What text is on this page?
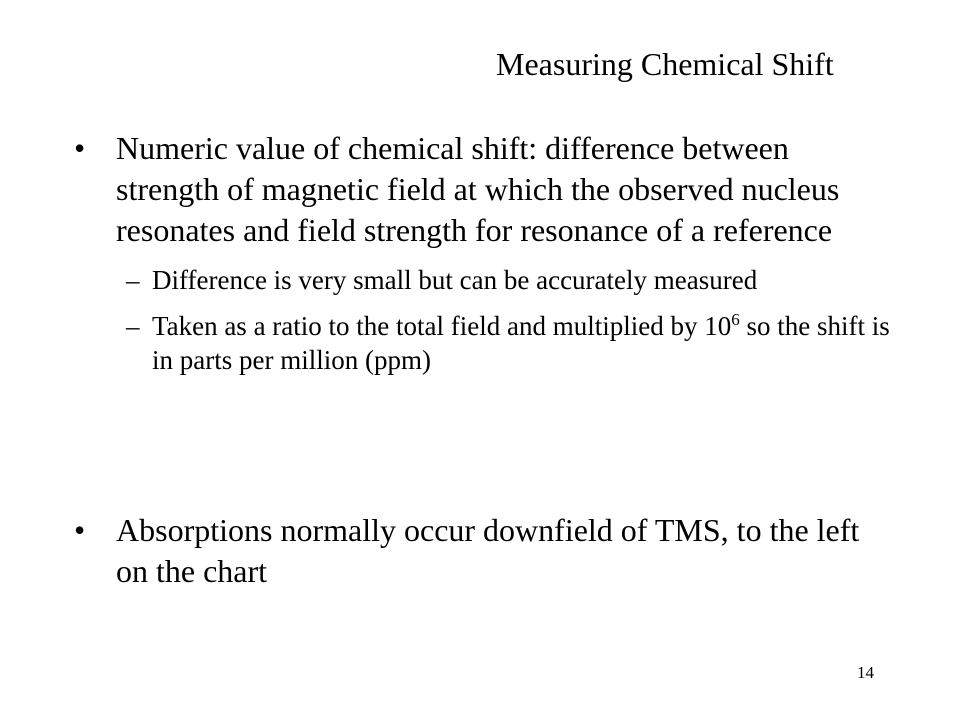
Measuring Chemical Shift
• Numeric value of chemical shift: difference between strength of magnetic field at which the observed nucleus resonates and field strength for resonance of a reference
– Difference is very small but can be accurately measured
– Taken as a ratio to the total field and multiplied by $10^6$ so the shift is in parts per million (ppm)
• Absorptions normally occur downfield of TMS, to the left on the chart
14
